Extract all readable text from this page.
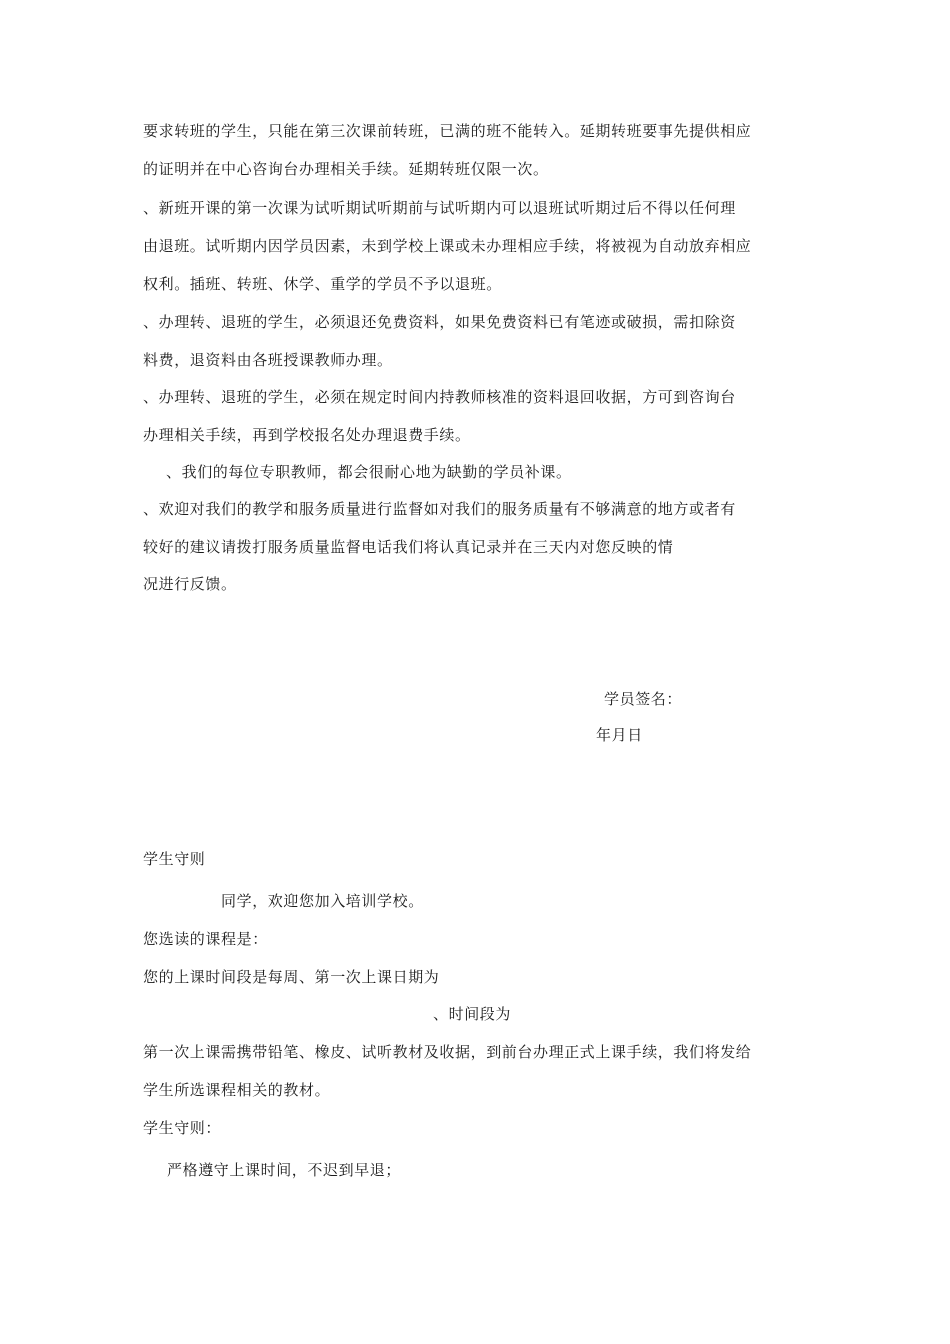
要求转班的学生，只能在第三次课前转班，已满的班不能转入。延期转班要事先提供相应
的证明并在中心咨询台办理相关手续。延期转班仅限一次。
、新班开课的第一次课为试听期试听期前与试听期内可以退班试听期过后不得以任何理
由退班。试听期内因学员因素，未到学校上课或未办理相应手续，将被视为自动放弃相应
权利。插班、转班、休学、重学的学员不予以退班。
、办理转、退班的学生，必须退还免费资料，如果免费资料已有笔迹或破损，需扣除资
料费，退资料由各班授课教师办理。
、办理转、退班的学生，必须在规定时间内持教师核准的资料退回收据，方可到咨询台
办理相关手续，再到学校报名处办理退费手续。
、我们的每位专职教师，都会很耐心地为缺勤的学员补课。
、欢迎对我们的教学和服务质量进行监督如对我们的服务质量有不够满意的地方或者有
较好的建议请拨打服务质量监督电话我们将认真记录并在三天内对您反映的情
况进行反馈。
学员签名：
年月日
学生守则
同学，欢迎您加入培训学校。
您选读的课程是：
您的上课时间段是每周、第一次上课日期为
、时间段为
第一次上课需携带铅笔、橡皮、试听教材及收据，到前台办理正式上课手续，我们将发给
学生所选课程相关的教材。
学生守则：
严格遵守上课时间，不迟到早退；
